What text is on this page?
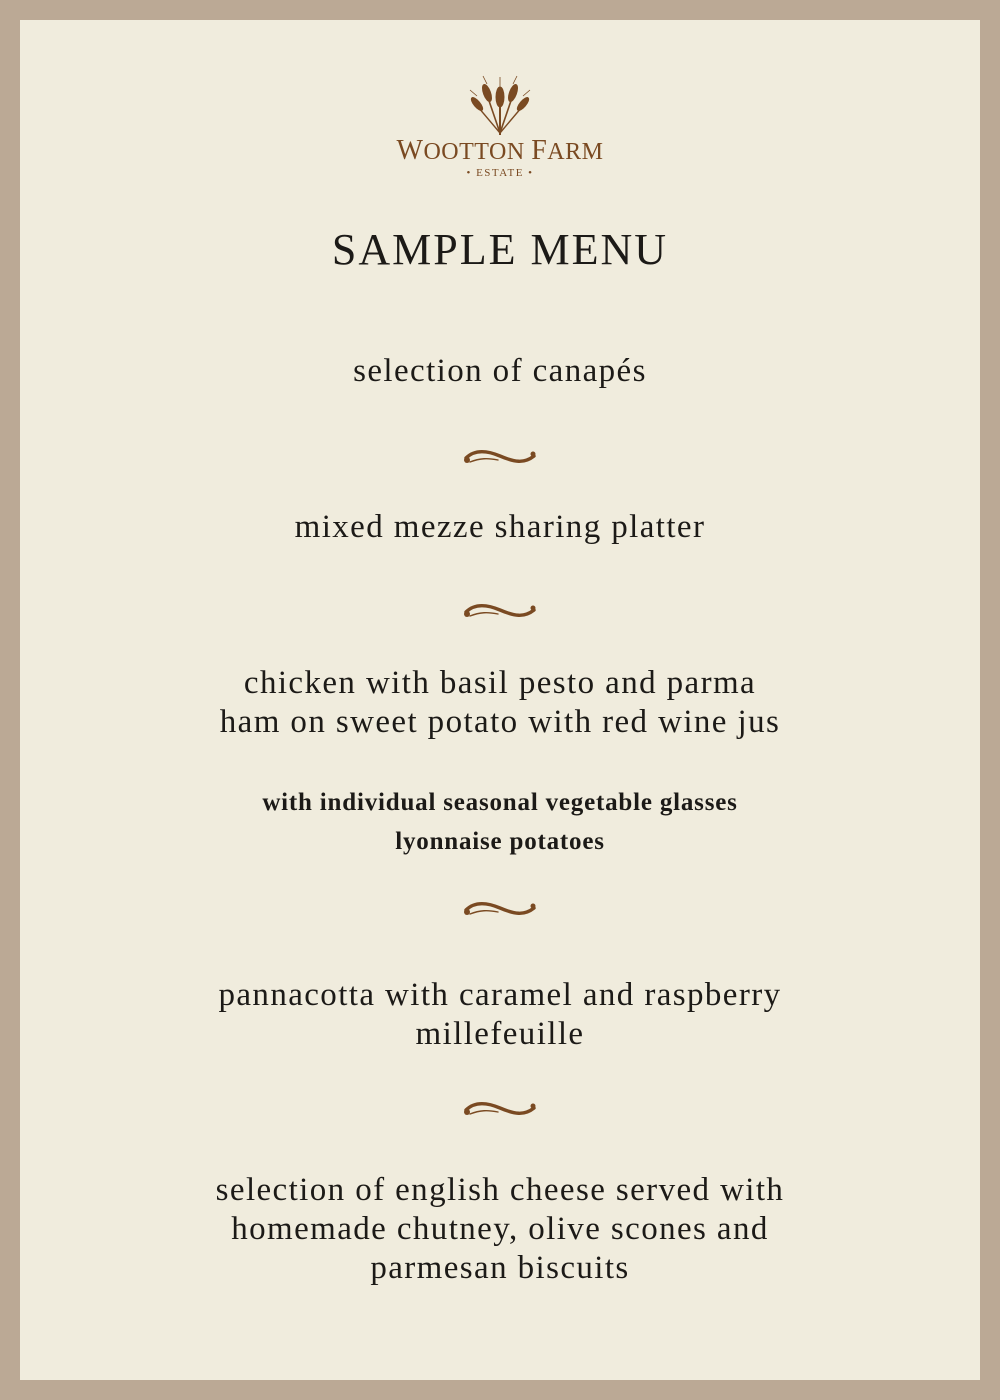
WOOTTON FARM
• ESTATE •
SAMPLE MENU
selection of canapés
mixed mezze sharing platter
chicken with basil pesto and parma
ham on sweet potato with red wine jus
with individual seasonal vegetable glasses
lyonnaise potatoes
pannacotta with caramel and raspberry
millefeuille
selection of english cheese served with
homemade chutney, olive scones and
parmesan biscuits
